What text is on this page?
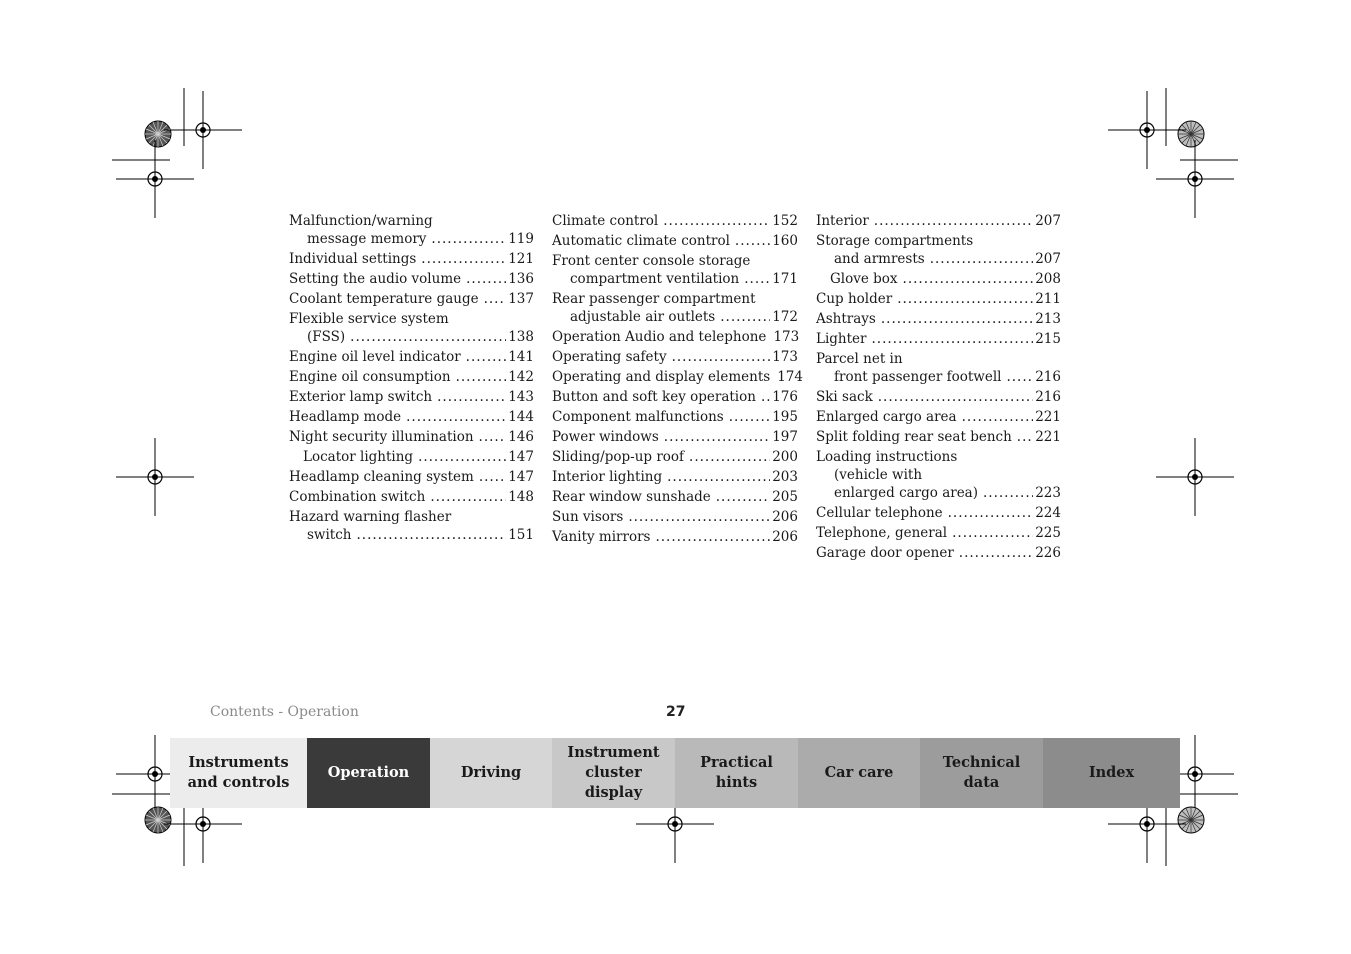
Malfunction/warning
message memory .....	119
Individual settings .....	121
Setting the audio volume .....	136
Coolant temperature gauge ..... 137
Flexible service system
(FSS) .....	138
Engine oil level indicator .....	141
Engine oil consumption .....	142
Exterior lamp switch .....	143
Headlamp mode .....	144
Night security illumination .....	146
Locator lighting .....	147
Headlamp cleaning system .....	147
Combination switch .....	148
Hazard warning flasher
switch .....	151
Climate control .....	152
Automatic climate control .....	160
Front center console storage
compartment ventilation ..... 171
Rear passenger compartment
adjustable air outlets .....	172
Operation Audio and telephone 173
Operating safety .....	173
Operating and display elements 174
Button and soft key operation ..... 176
Component malfunctions .....	195
Power windows .....	197
Sliding/pop-up roof .....	200
Interior lighting .....	203
Rear window sunshade .....	205
Sun visors .....	206
Vanity mirrors .....	206
Interior .....	207
Storage compartments
and armrests .....	207
Glove box .....	208
Cup holder .....	211
Ashtrays .....	213
Lighter .....	215
Parcel net in
front passenger footwell .....	216
Ski sack .....	216
Enlarged cargo area .....	221
Split folding rear seat bench ..... 221
Loading instructions
(vehicle with
enlarged cargo area) .....	223
Cellular telephone .....	224
Telephone, general .....	225
Garage door opener .....	226
Contents - Operation	27
Instruments
and controls
Operation	Driving
Instrument
cluster display
Practical hints
Car care
Technical
data
Index
